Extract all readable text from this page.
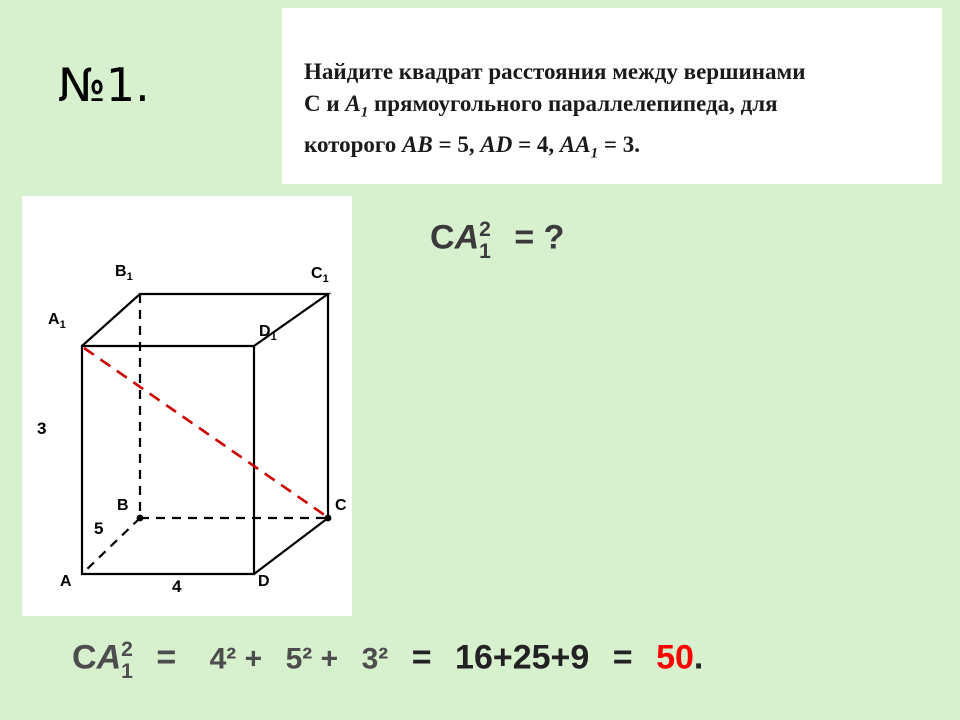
№1.	Найдите квадрат расстояния между вершинами
С и $A_1$ прямоугольного параллелепипеда, для
которого AB = 5, AD = 4, $AA_1 = 3$.
CA 2
1 = ?
$B_1$	$C_1$
$A_1$	$D_1$
B	C
A	D
3
5
4
CA 2
1 = 4² + 5² + 3² = 16+25+9 = 50.
